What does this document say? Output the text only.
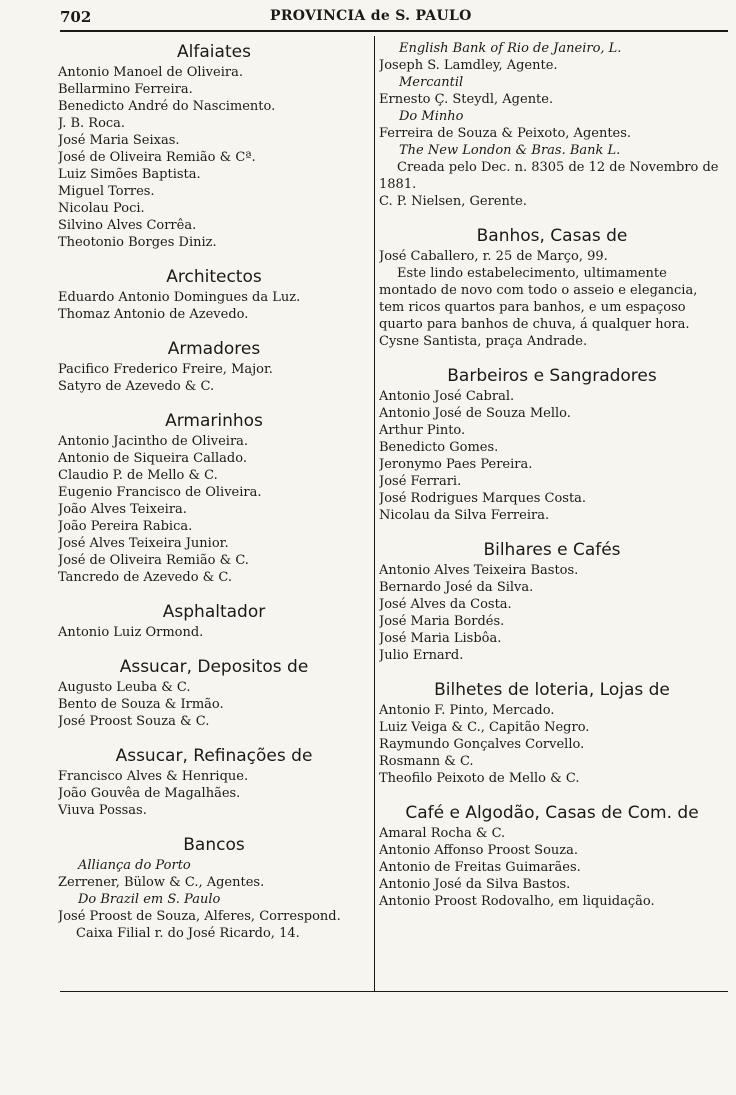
702	PROVINCIA de S. PAULO
Alfaiates
Antonio Manoel de Oliveira.
Bellarmino Ferreira.
Benedicto André do Nascimento.
J. B. Roca.
José Maria Seixas.
José de Oliveira Remião & Cª.
Luiz Simões Baptista.
Miguel Torres.
Nicolau Poci.
Silvino Alves Corrêa.
Theotonio Borges Diniz.
Architectos
Eduardo Antonio Domingues da Luz.
Thomaz Antonio de Azevedo.
Armadores
Pacifico Frederico Freire, Major.
Satyro de Azevedo & C.
Armarinhos
Antonio Jacintho de Oliveira.
Antonio de Siqueira Callado.
Claudio P. de Mello & C.
Eugenio Francisco de Oliveira.
João Alves Teixeira.
João Pereira Rabica.
José Alves Teixeira Junior.
José de Oliveira Remião & C.
Tancredo de Azevedo & C.
Asphaltador
Antonio Luiz Ormond.
Assucar, Depositos de
Augusto Leuba & C.
Bento de Souza & Irmão.
José Proost Souza & C.
Assucar, Refinações de
Francisco Alves & Henrique.
João Gouvêa de Magalhães.
Viuva Possas.
Bancos
Alliança do Porto
Zerrener, Bülow & C., Agentes.
Do Brazil em S. Paulo
José Proost de Souza, Alferes, Correspond.
Caixa Filial r. do José Ricardo, 14.
English Bank of Rio de Janeiro, L.
Joseph S. Lamdley, Agente.
Mercantil
Ernesto Ç. Steydl, Agente.
Do Minho
Ferreira de Souza & Peixoto, Agentes.
The New London & Bras. Bank L.
Creada pelo Dec. n. 8305 de 12 de Novembro de 1881.
C. P. Nielsen, Gerente.
Banhos, Casas de
José Caballero, r. 25 de Março, 99.
Este lindo estabelecimento, ultimamente montado de novo com todo o asseio e elegancia, tem ricos quartos para banhos, e um espaçoso quarto para banhos de chuva, á qualquer hora.
Cysne Santista, praça Andrade.
Barbeiros e Sangradores
Antonio José Cabral.
Antonio José de Souza Mello.
Arthur Pinto.
Benedicto Gomes.
Jeronymo Paes Pereira.
José Ferrari.
José Rodrigues Marques Costa.
Nicolau da Silva Ferreira.
Bilhares e Cafés
Antonio Alves Teixeira Bastos.
Bernardo José da Silva.
José Alves da Costa.
José Maria Bordés.
José Maria Lisbôa.
Julio Ernard.
Bilhetes de loteria, Lojas de
Antonio F. Pinto, Mercado.
Luiz Veiga & C., Capitão Negro.
Raymundo Gonçalves Corvello.
Rosmann & C.
Theofilo Peixoto de Mello & C.
Café e Algodão, Casas de Com. de
Amaral Rocha & C.
Antonio Affonso Proost Souza.
Antonio de Freitas Guimarães.
Antonio José da Silva Bastos.
Antonio Proost Rodovalho, em liquidação.
